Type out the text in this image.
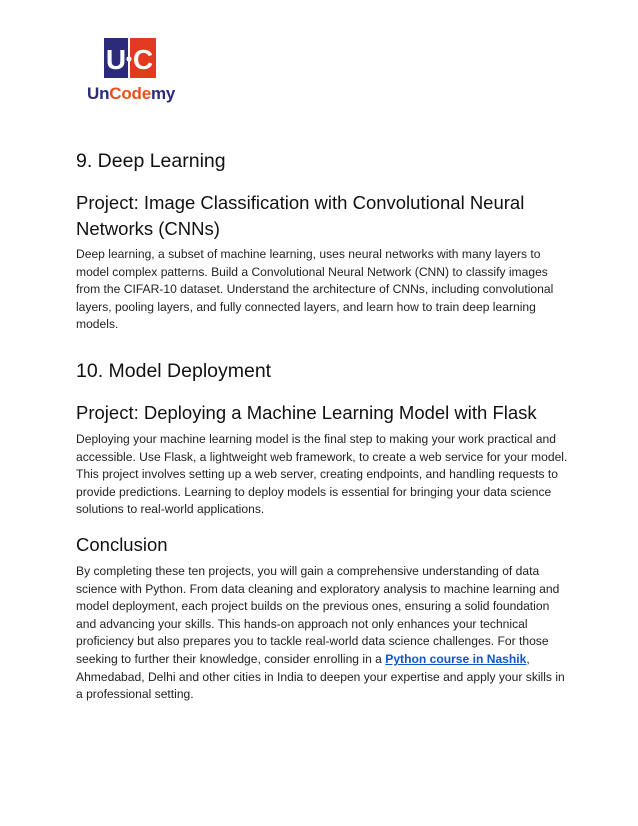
U C
UnCodemy
9. Deep Learning
Project: Image Classification with Convolutional Neural Networks (CNNs)

Deep learning, a subset of machine learning, uses neural networks with many layers to model complex patterns. Build a Convolutional Neural Network (CNN) to classify images from the CIFAR-10 dataset. Understand the architecture of CNNs, including convolutional layers, pooling layers, and fully connected layers, and learn how to train deep learning models.

10. Model Deployment
Project: Deploying a Machine Learning Model with Flask

Deploying your machine learning model is the final step to making your work practical and accessible. Use Flask, a lightweight web framework, to create a web service for your model. This project involves setting up a web server, creating endpoints, and handling requests to provide predictions. Learning to deploy models is essential for bringing your data science solutions to real-world applications.

Conclusion

By completing these ten projects, you will gain a comprehensive understanding of data science with Python. From data cleaning and exploratory analysis to machine learning and model deployment, each project builds on the previous ones, ensuring a solid foundation and advancing your skills. This hands-on approach not only enhances your technical proficiency but also prepares you to tackle real-world data science challenges. For those seeking to further their knowledge, consider enrolling in a Python course in Nashik, Ahmedabad, Delhi and other cities in India to deepen your expertise and apply your skills in a professional setting.
